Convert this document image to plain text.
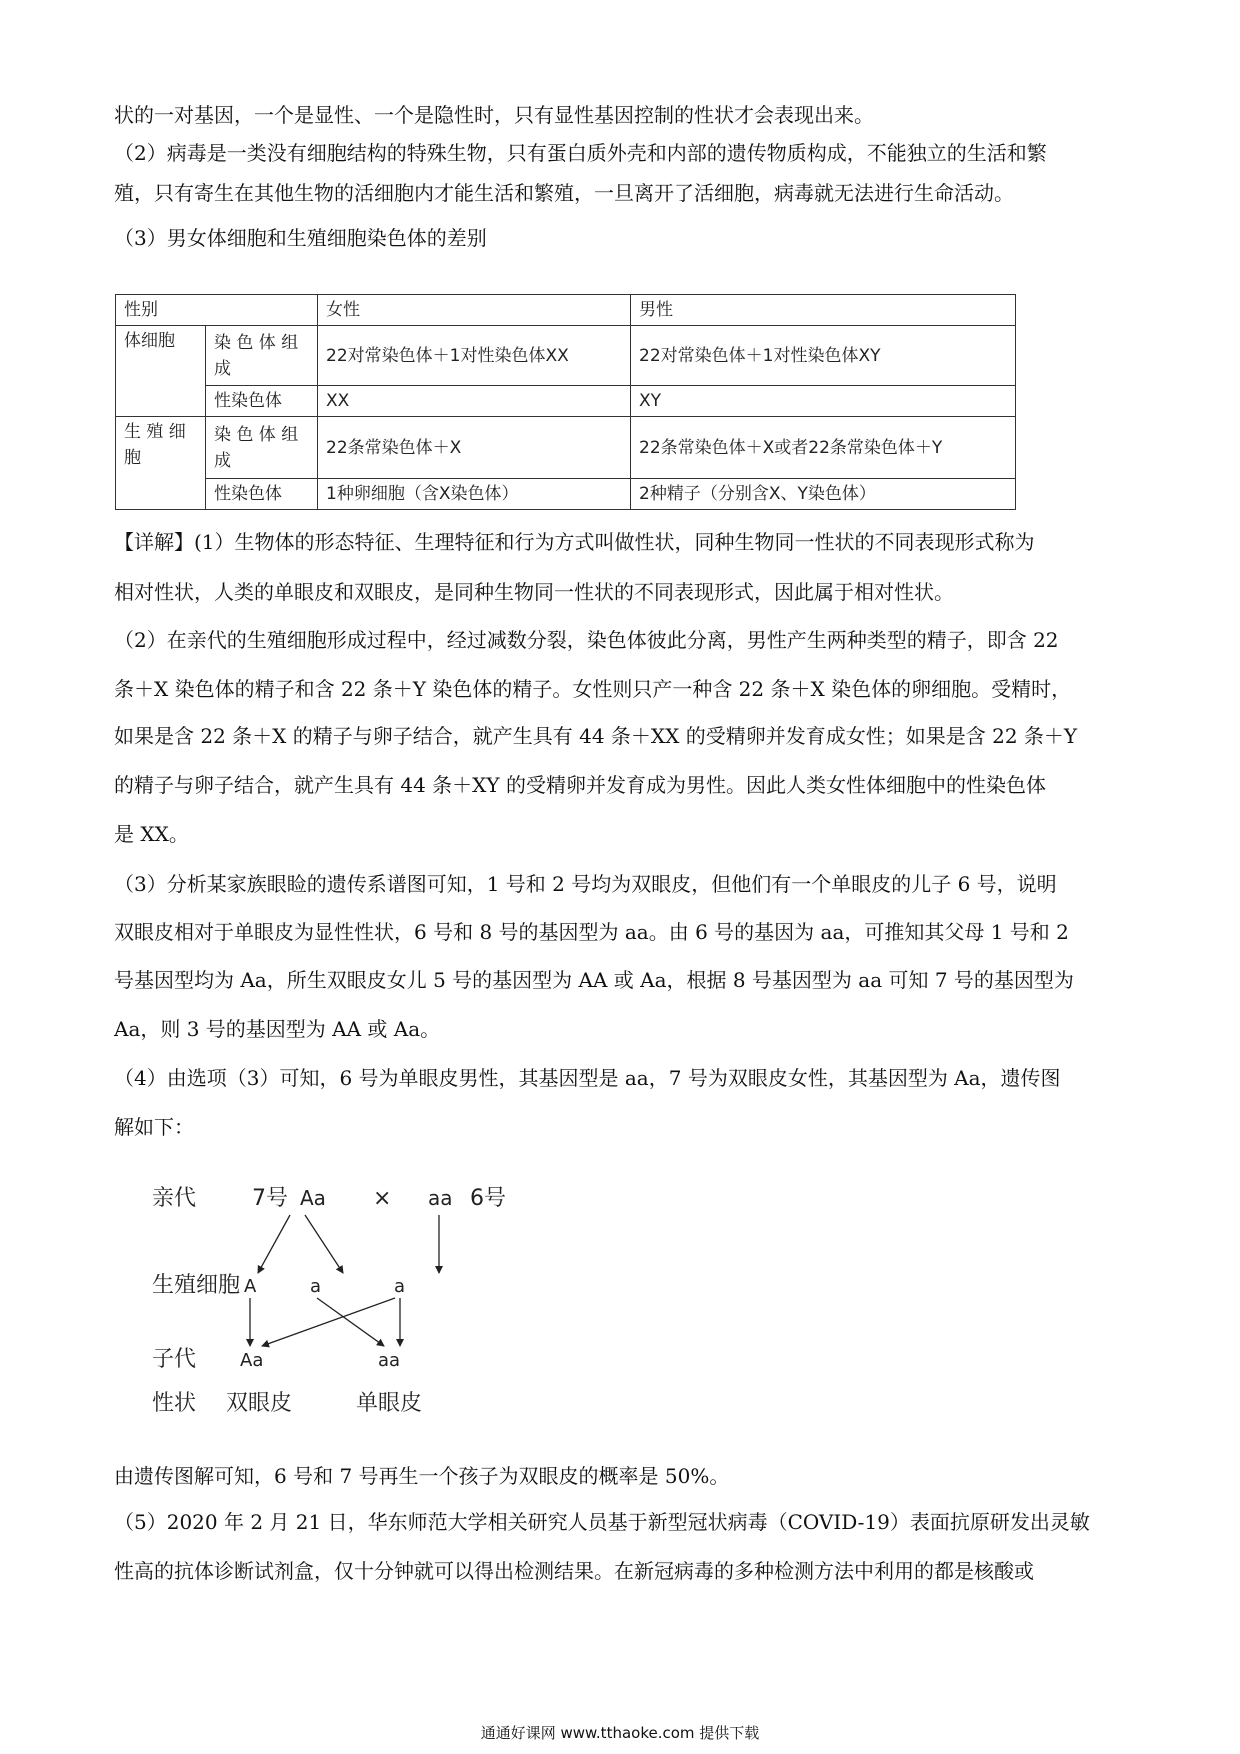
状的一对基因，一个是显性、一个是隐性时，只有显性基因控制的性状才会表现出来。
（2）病毒是一类没有细胞结构的特殊生物，只有蛋白质外壳和内部的遗传物质构成，不能独立的生活和繁
殖，只有寄生在其他生物的活细胞内才能生活和繁殖，一旦离开了活细胞，病毒就无法进行生命活动。
（3）男女体细胞和生殖细胞染色体的差别
性别		女性	男性
体细胞	染 色 体 组 成	22对常染色体＋1对性染色体XX	22对常染色体＋1对性染色体XY
	性染色体	XX	XY
生 殖 细 胞	染 色 体 组 成	22条常染色体＋X	22条常染色体＋X或者22条常染色体＋Y
	性染色体	1种卵细胞（含X染色体）	2种精子（分别含X、Y染色体）
【详解】(1）生物体的形态特征、生理特征和行为方式叫做性状，同种生物同一性状的不同表现形式称为
相对性状，人类的单眼皮和双眼皮，是同种生物同一性状的不同表现形式，因此属于相对性状。
（2）在亲代的生殖细胞形成过程中，经过减数分裂，染色体彼此分离，男性产生两种类型的精子，即含 22
条＋X 染色体的精子和含 22 条＋Y 染色体的精子。女性则只产一种含 22 条＋X 染色体的卵细胞。受精时，
如果是含 22 条＋X 的精子与卵子结合，就产生具有 44 条＋XX 的受精卵并发育成女性；如果是含 22 条＋Y
的精子与卵子结合，就产生具有 44 条＋XY 的受精卵并发育成为男性。因此人类女性体细胞中的性染色体
是 XX。
（3）分析某家族眼睑的遗传系谱图可知，1 号和 2 号均为双眼皮，但他们有一个单眼皮的儿子 6 号，说明
双眼皮相对于单眼皮为显性性状，6 号和 8 号的基因型为 aa。由 6 号的基因为 aa，可推知其父母 1 号和 2
号基因型均为 Aa，所生双眼皮女儿 5 号的基因型为 AA 或 Aa，根据 8 号基因型为 aa 可知 7 号的基因型为
Aa，则 3 号的基因型为 AA 或 Aa。
（4）由选项（3）可知，6 号为单眼皮男性，其基因型是 aa，7 号为双眼皮女性，其基因型为 Aa，遗传图
解如下：
亲代
生殖细胞
子代
性状
7号 Aa × aa 6号
A	a	a
Aa	aa
双眼皮	单眼皮
由遗传图解可知，6 号和 7 号再生一个孩子为双眼皮的概率是 50%。
（5）2020 年 2 月 21 日，华东师范大学相关研究人员基于新型冠状病毒（COVID-19）表面抗原研发出灵敏
性高的抗体诊断试剂盒，仅十分钟就可以得出检测结果。在新冠病毒的多种检测方法中利用的都是核酸或
通通好课网 www.tthaoke.com 提供下载
